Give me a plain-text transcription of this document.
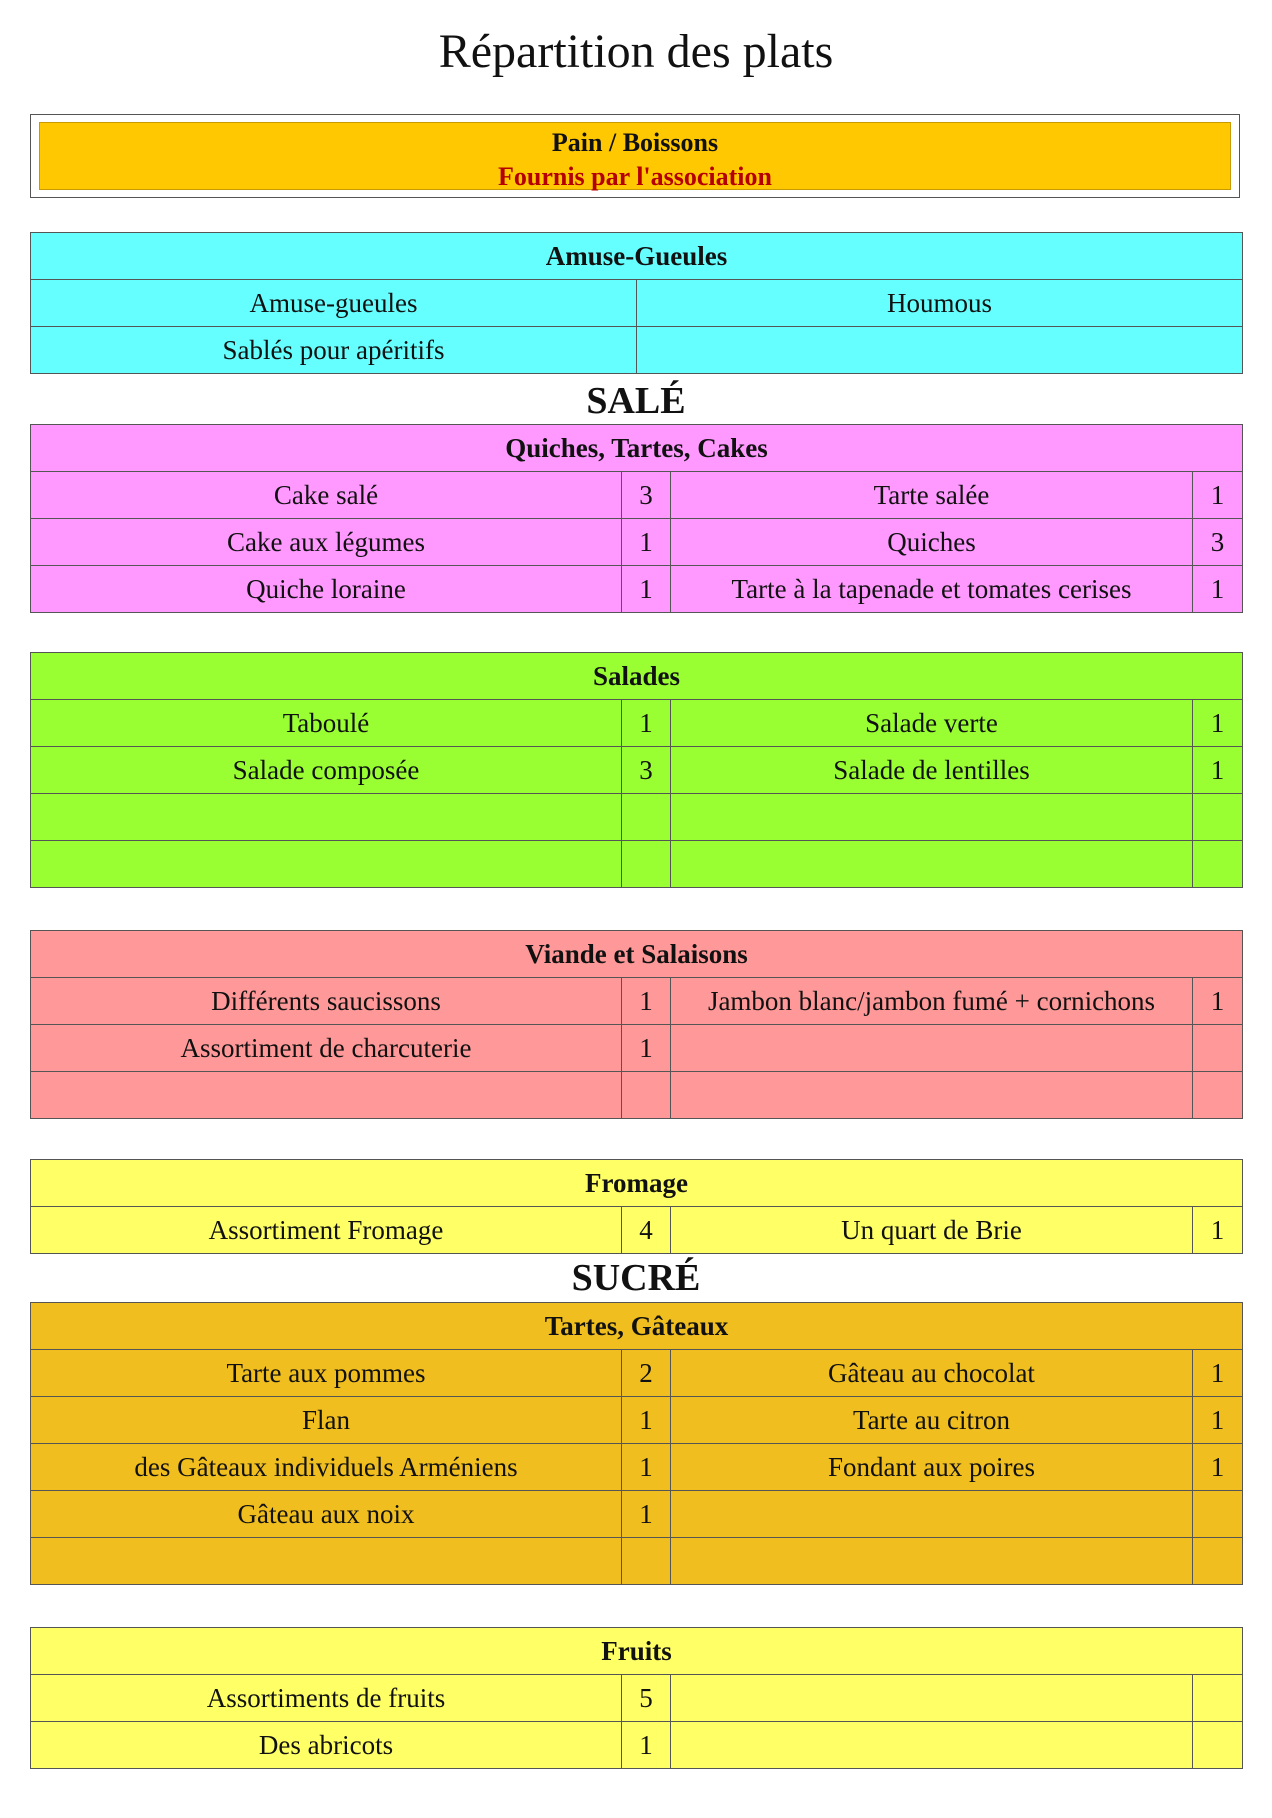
Répartition des plats
Pain / Boissons
Fournis par l'association
Amuse-Gueules	
Amuse-gueules	Houmous
Sablés pour apéritifs	
SALÉ
Quiches, Tartes, Cakes			
Cake salé	3	Tarte salée	1
Cake aux légumes	1	Quiches	3
Quiche loraine	1	Tarte à la tapenade et tomates cerises	1
Salades			
Taboulé	1	Salade verte	1
Salade composée	3	Salade de lentilles	1

Viande et Salaisons			
Différents saucissons	1	Jambon blanc/jambon fumé + cornichons	1
Assortiment de charcuterie	1		

Fromage
Assortiment Fromage	4	Un quart de Brie	1
SUCRÉ
Tartes, Gâteaux			
Tarte aux pommes	2	Gâteau au chocolat	1
Flan	1	Tarte au citron	1
des Gâteaux individuels Arméniens	1	Fondant aux poires	1
Gâteau aux noix	1		

Fruits			
Assortiments de fruits	5		
Des abricots	1		
